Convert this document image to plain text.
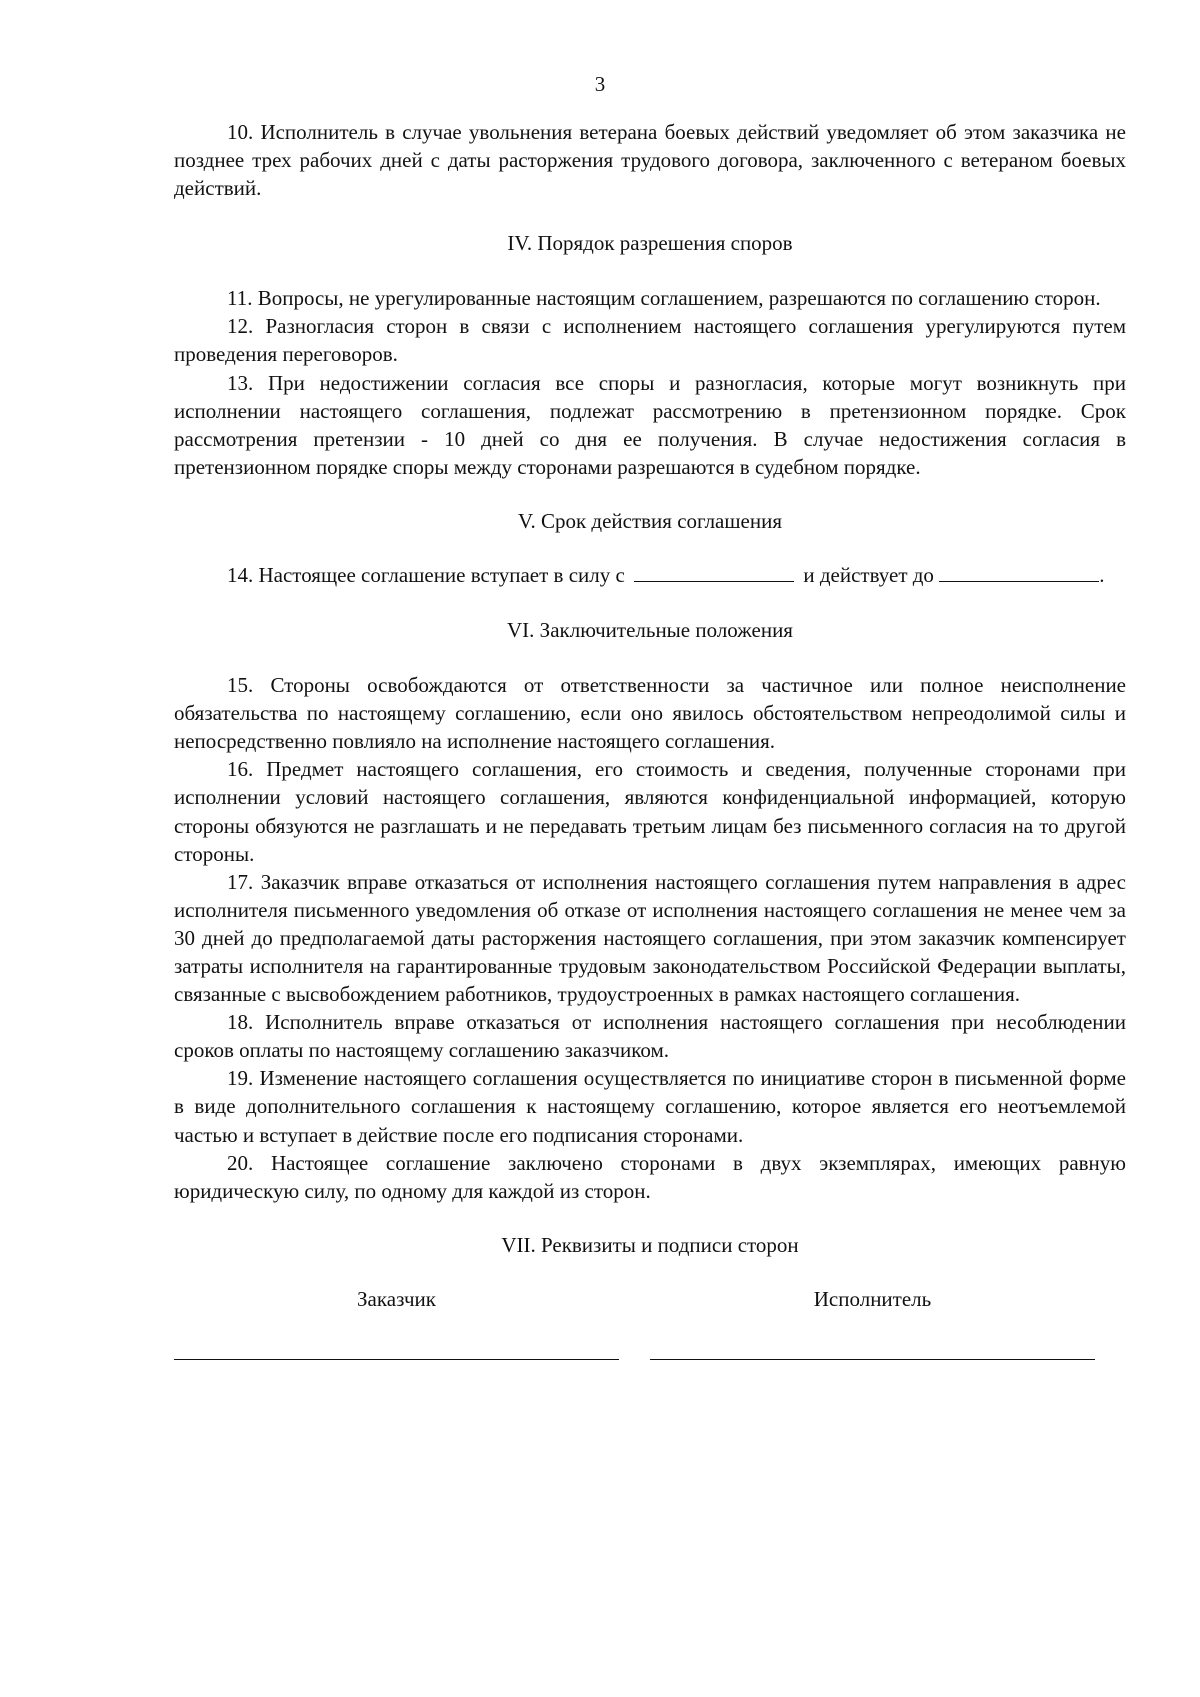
3

10. Исполнитель в случае увольнения ветерана боевых действий уведомляет об этом заказчика не позднее трех рабочих дней с даты расторжения трудового договора, заключенного с ветераном боевых действий.

IV. Порядок разрешения споров

11. Вопросы, не урегулированные настоящим соглашением, разрешаются по соглашению сторон.

12. Разногласия сторон в связи с исполнением настоящего соглашения урегулируются путем проведения переговоров.

13. При недостижении согласия все споры и разногласия, которые могут возникнуть при исполнении настоящего соглашения, подлежат рассмотрению в претензионном порядке. Срок рассмотрения претензии - 10 дней со дня ее получения. В случае недостижения согласия в претензионном порядке споры между сторонами разрешаются в судебном порядке.

V. Срок действия соглашения

14. Настоящее соглашение вступает в силу с	и действует до	.

VI. Заключительные положения

15. Стороны освобождаются от ответственности за частичное или полное неисполнение обязательства по настоящему соглашению, если оно явилось обстоятельством непреодолимой силы и непосредственно повлияло на исполнение настоящего соглашения.

16. Предмет настоящего соглашения, его стоимость и сведения, полученные сторонами при исполнении условий настоящего соглашения, являются конфиденциальной информацией, которую стороны обязуются не разглашать и не передавать третьим лицам без письменного согласия на то другой стороны.

17. Заказчик вправе отказаться от исполнения настоящего соглашения путем направления в адрес исполнителя письменного уведомления об отказе от исполнения настоящего соглашения не менее чем за 30 дней до предполагаемой даты расторжения настоящего соглашения, при этом заказчик компенсирует затраты исполнителя на гарантированные трудовым законодательством Российской Федерации выплаты, связанные с высвобождением работников, трудоустроенных в рамках настоящего соглашения.

18. Исполнитель вправе отказаться от исполнения настоящего соглашения при несоблюдении сроков оплаты по настоящему соглашению заказчиком.

19. Изменение настоящего соглашения осуществляется по инициативе сторон в письменной форме в виде дополнительного соглашения к настоящему соглашению, которое является его неотъемлемой частью и вступает в действие после его подписания сторонами.

20. Настоящее соглашение заключено сторонами в двух экземплярах, имеющих равную юридическую силу, по одному для каждой из сторон.

VII. Реквизиты и подписи сторон
Заказчик	Исполнитель
